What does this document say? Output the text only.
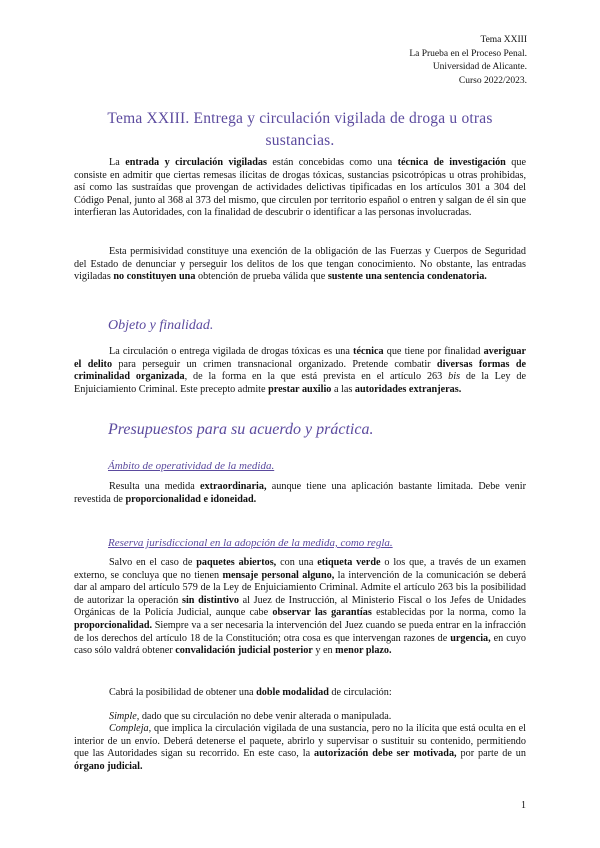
Tema XXIII
La Prueba en el Proceso Penal.
Universidad de Alicante.
Curso 2022/2023.
Tema XXIII. Entrega y circulación vigilada de droga u otras sustancias.

La entrada y circulación vigiladas están concebidas como una técnica de investigación que consiste en admitir que ciertas remesas ilícitas de drogas tóxicas, sustancias psicotrópicas u otras prohibidas, así como las sustraídas que provengan de actividades delictivas tipificadas en los artículos 301 a 304 del Código Penal, junto al 368 al 373 del mismo, que circulen por territorio español o entren y salgan de él sin que interfieran las Autoridades, con la finalidad de descubrir o identificar a las personas involucradas.

Esta permisividad constituye una exención de la obligación de las Fuerzas y Cuerpos de Seguridad del Estado de denunciar y perseguir los delitos de los que tengan conocimiento. No obstante, las entradas vigiladas no constituyen una obtención de prueba válida que sustente una sentencia condenatoria.

Objeto y finalidad.

La circulación o entrega vigilada de drogas tóxicas es una técnica que tiene por finalidad averiguar el delito para perseguir un crimen transnacional organizado. Pretende combatir diversas formas de criminalidad organizada, de la forma en la que está prevista en el artículo 263 bis de la Ley de Enjuiciamiento Criminal. Este precepto admite prestar auxilio a las autoridades extranjeras.

Presupuestos para su acuerdo y práctica.
Ámbito de operatividad de la medida.

Resulta una medida extraordinaria, aunque tiene una aplicación bastante limitada. Debe venir revestida de proporcionalidad e idoneidad.

Reserva jurisdiccional en la adopción de la medida, como regla.

Salvo en el caso de paquetes abiertos, con una etiqueta verde o los que, a través de un examen externo, se concluya que no tienen mensaje personal alguno, la intervención de la comunicación se deberá dar al amparo del artículo 579 de la Ley de Enjuiciamiento Criminal. Admite el artículo 263 bis la posibilidad de autorizar la operación sin distintivo al Juez de Instrucción, al Ministerio Fiscal o los Jefes de Unidades Orgánicas de la Policía Judicial, aunque cabe observar las garantías establecidas por la norma, como la proporcionalidad. Siempre va a ser necesaria la intervención del Juez cuando se pueda entrar en la infracción de los derechos del artículo 18 de la Constitución; otra cosa es que intervengan razones de urgencia, en cuyo caso sólo valdrá obtener convalidación judicial posterior y en menor plazo.

Cabrá la posibilidad de obtener una doble modalidad de circulación:

Simple, dado que su circulación no debe venir alterada o manipulada.

Compleja, que implica la circulación vigilada de una sustancia, pero no la ilícita que está oculta en el interior de un envío. Deberá detenerse el paquete, abrirlo y supervisar o sustituir su contenido, permitiendo que las Autoridades sigan su recorrido. En este caso, la autorización debe ser motivada, por parte de un órgano judicial.

1
